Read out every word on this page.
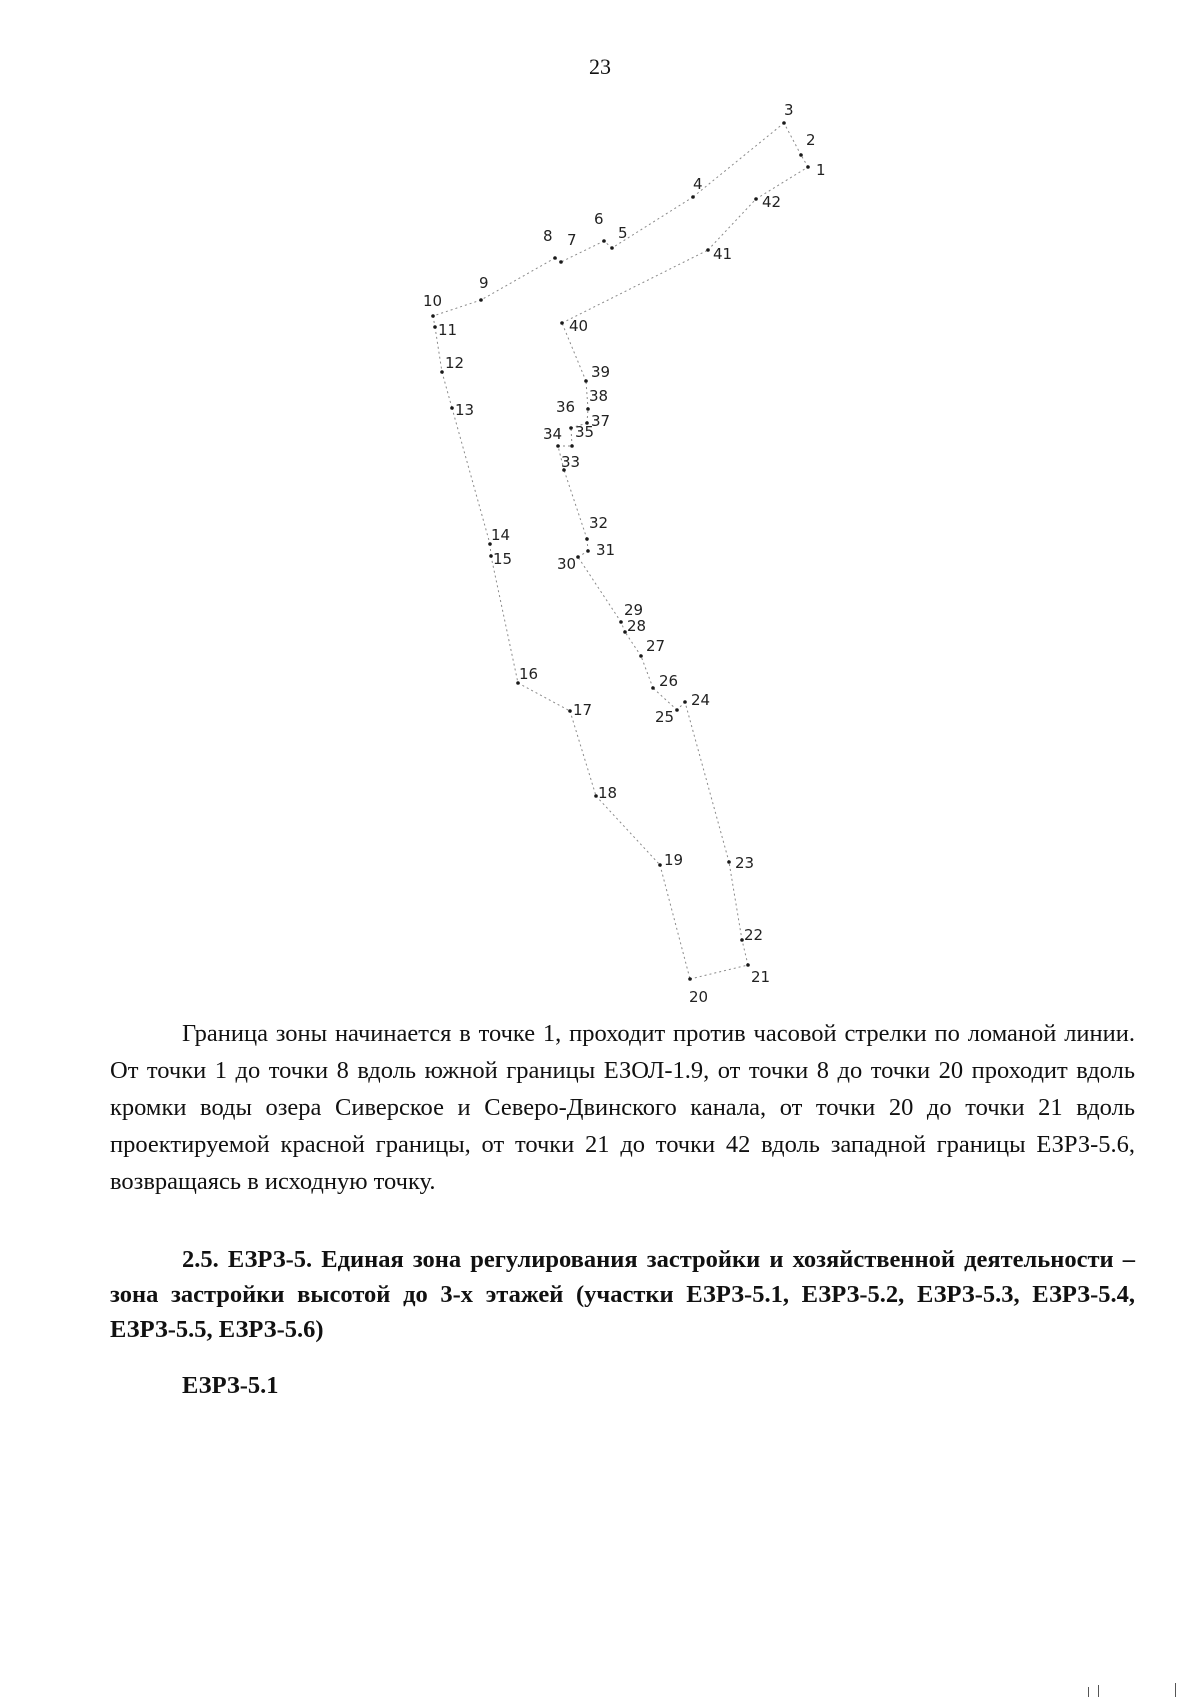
23
1
2
3
4
5
6
7
8
9
10
11
12
13
14
15
16
17
18
19
20
21
22
23
24
25
26
27
28
29
30
31
32
33
34 35
36
37
38
39
40
41
42

Граница зоны начинается в точке 1, проходит против часовой стрелки по ломаной линии. От точки 1 до точки 8 вдоль южной границы ЕЗОЛ-1.9, от точки 8 до точки 20 проходит вдоль кромки воды озера Сиверское и Северо-Двинского канала, от точки 20 до точки 21 вдоль проектируемой красной границы, от точки 21 до точки 42 вдоль западной границы ЕЗРЗ-5.6, возвращаясь в исходную точку.

2.5. ЕЗРЗ-5. Единая зона регулирования застройки и хозяйственной деятельности – зона застройки высотой до 3-х этажей (участки ЕЗРЗ-5.1, ЕЗРЗ-5.2, ЕЗРЗ-5.3, ЕЗРЗ-5.4, ЕЗРЗ-5.5, ЕЗРЗ-5.6)

ЕЗРЗ-5.1
